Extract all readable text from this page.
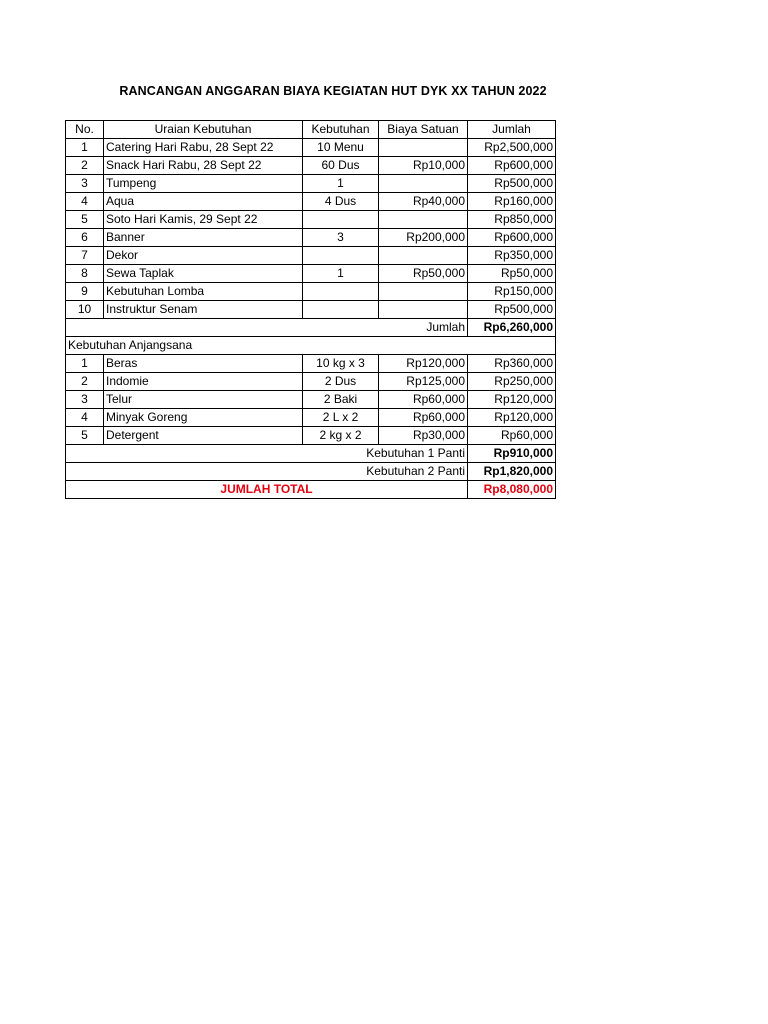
RANCANGAN ANGGARAN BIAYA KEGIATAN HUT DYK XX TAHUN 2022
No.	Uraian Kebutuhan	Kebutuhan	Biaya Satuan	Jumlah
1	Catering Hari Rabu, 28 Sept 22	10 Menu		Rp2,500,000
2	Snack Hari Rabu, 28 Sept 22	60 Dus	Rp10,000	Rp600,000
3	Tumpeng	1		Rp500,000
4	Aqua	4 Dus	Rp40,000	Rp160,000
5	Soto Hari Kamis, 29 Sept 22			Rp850,000
6	Banner	3	Rp200,000	Rp600,000
7	Dekor			Rp350,000
8	Sewa Taplak	1	Rp50,000	Rp50,000
9	Kebutuhan Lomba			Rp150,000
10	Instruktur Senam			Rp500,000
Jumlah				Rp6,260,000
Kebutuhan Anjangsana				
1	Beras	10 kg x 3	Rp120,000	Rp360,000
2	Indomie	2 Dus	Rp125,000	Rp250,000
3	Telur	2 Baki	Rp60,000	Rp120,000
4	Minyak Goreng	2 L x 2	Rp60,000	Rp120,000
5	Detergent	2 kg x 2	Rp30,000	Rp60,000
Kebutuhan 1 Panti				Rp910,000
Kebutuhan 2 Panti				Rp1,820,000
JUMLAH TOTAL				Rp8,080,000
